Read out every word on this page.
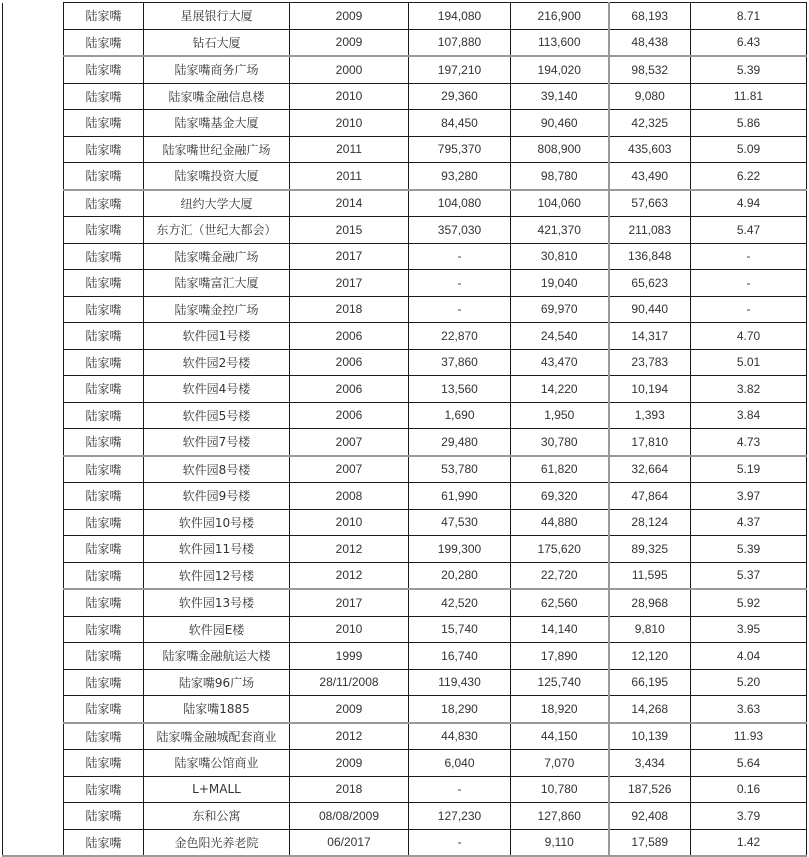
	陆家嘴	星展银行大厦	2009	194,080	216,900	68,193	8.71
	陆家嘴	钻石大厦	2009	107,880	113,600	48,438	6.43
	陆家嘴	陆家嘴商务广场	2000	197,210	194,020	98,532	5.39
	陆家嘴	陆家嘴金融信息楼	2010	29,360	39,140	9,080	11.81
	陆家嘴	陆家嘴基金大厦	2010	84,450	90,460	42,325	5.86
	陆家嘴	陆家嘴世纪金融广场	2011	795,370	808,900	435,603	5.09
	陆家嘴	陆家嘴投资大厦	2011	93,280	98,780	43,490	6.22
	陆家嘴	纽约大学大厦	2014	104,080	104,060	57,663	4.94
	陆家嘴	东方汇（世纪大都会）	2015	357,030	421,370	211,083	5.47
	陆家嘴	陆家嘴金融广场	2017	-	30,810	136,848	-
	陆家嘴	陆家嘴富汇大厦	2017	-	19,040	65,623	-
	陆家嘴	陆家嘴金控广场	2018	-	69,970	90,440	-
	陆家嘴	软件园1号楼	2006	22,870	24,540	14,317	4.70
	陆家嘴	软件园2号楼	2006	37,860	43,470	23,783	5.01
	陆家嘴	软件园4号楼	2006	13,560	14,220	10,194	3.82
	陆家嘴	软件园5号楼	2006	1,690	1,950	1,393	3.84
	陆家嘴	软件园7号楼	2007	29,480	30,780	17,810	4.73
	陆家嘴	软件园8号楼	2007	53,780	61,820	32,664	5.19
	陆家嘴	软件园9号楼	2008	61,990	69,320	47,864	3.97
	陆家嘴	软件园10号楼	2010	47,530	44,880	28,124	4.37
	陆家嘴	软件园11号楼	2012	199,300	175,620	89,325	5.39
	陆家嘴	软件园12号楼	2012	20,280	22,720	11,595	5.37
	陆家嘴	软件园13号楼	2017	42,520	62,560	28,968	5.92
	陆家嘴	软件园E楼	2010	15,740	14,140	9,810	3.95
	陆家嘴	陆家嘴金融航运大楼	1999	16,740	17,890	12,120	4.04
	陆家嘴	陆家嘴96广场	28/11/2008	119,430	125,740	66,195	5.20
	陆家嘴	陆家嘴1885	2009	18,290	18,920	14,268	3.63
	陆家嘴	陆家嘴金融城配套商业	2012	44,830	44,150	10,139	11.93
	陆家嘴	陆家嘴公馆商业	2009	6,040	7,070	3,434	5.64
	陆家嘴	L+MALL	2018	-	10,780	187,526	0.16
	陆家嘴	东和公寓	08/08/2009	127,230	127,860	92,408	3.79
	陆家嘴	金色阳光养老院	06/2017	-	9,110	17,589	1.42
